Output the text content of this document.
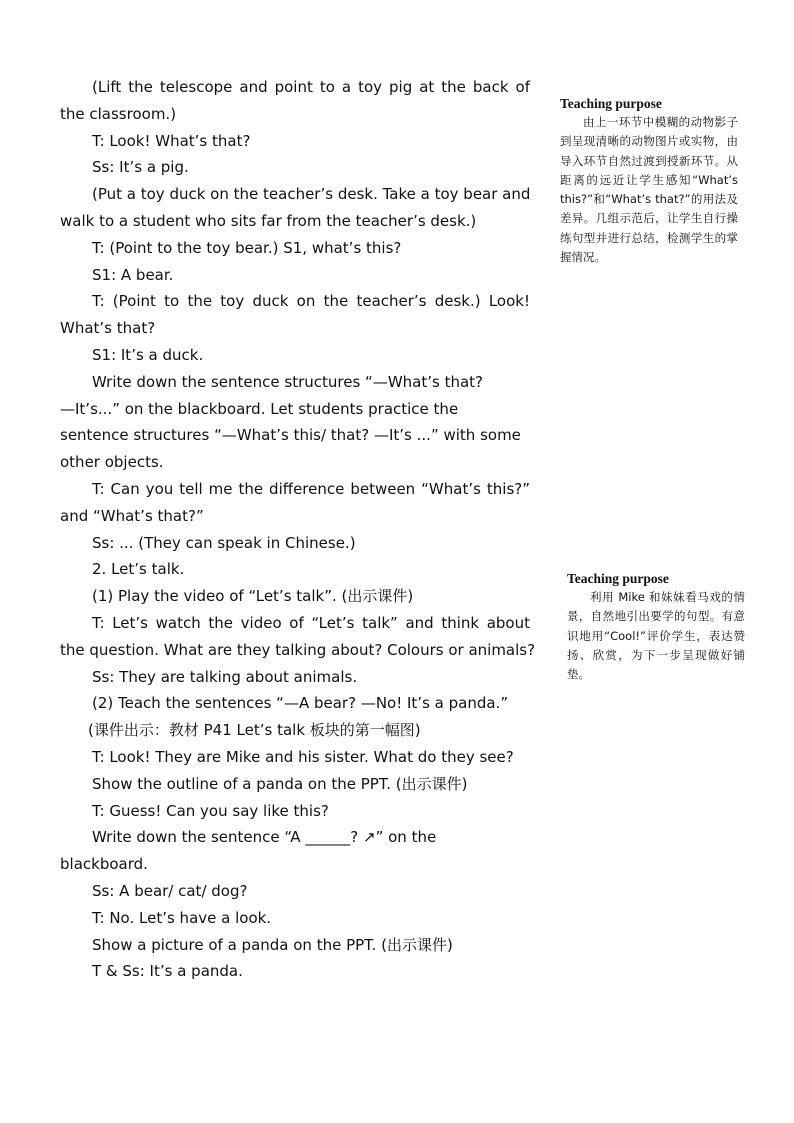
(Lift the telescope and point to a toy pig at the back of
the classroom.)
T: Look! What’s that?
Ss: It’s a pig.
(Put a toy duck on the teacher’s desk. Take a toy bear and
walk to a student who sits far from the teacher’s desk.)
T: (Point to the toy bear.) S1, what’s this?
S1: A bear.
T: (Point to the toy duck on the teacher’s desk.) Look!
What’s that?
S1: It’s a duck.
Write down the sentence structures “—What’s that?
—It’s...” on the blackboard. Let students practice the
sentence structures “—What’s this/ that? —It’s ...” with some
other objects.
T: Can you tell me the difference between “What’s this?”
and “What’s that?”
Ss: ... (They can speak in Chinese.)
2. Let’s talk.
(1) Play the video of “Let’s talk”. (出示课件)
T: Let’s watch the video of “Let’s talk” and think about
the question. What are they talking about? Colours or animals?
Ss: They are talking about animals.
(2) Teach the sentences “—A bear? —No! It’s a panda.”
(课件出示：教材 P41 Let’s talk 板块的第一幅图)
T: Look! They are Mike and his sister. What do they see?
Show the outline of a panda on the PPT. (出示课件)
T: Guess! Can you say like this?
Write down the sentence “A ______? ↗” on the
blackboard.
Ss: A bear/ cat/ dog?
T: No. Let’s have a look.
Show a picture of a panda on the PPT. (出示课件)
T & Ss: It’s a panda.
Teaching purpose
由上一环节中模糊的动物影子到呈现清晰的动物图片或实物，由导入环节自然过渡到授新环节。从距离的远近让学生感知“What’s this?”和“What’s that?”的用法及差异。几组示范后，让学生自行操练句型并进行总结，检测学生的掌握情况。
Teaching purpose
利用 Mike 和妹妹看马戏的情景，自然地引出要学的句型。有意识地用“Cool!”评价学生，表达赞扬、欣赏，为下一步呈现做好铺垫。
